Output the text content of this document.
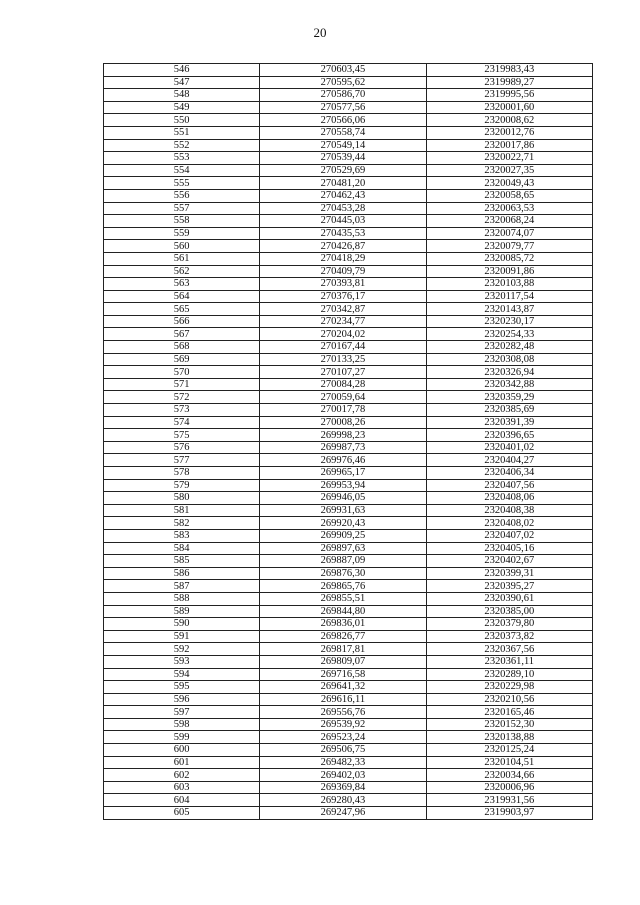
20
546	270603,45	2319983,43
547	270595,62	2319989,27
548	270586,70	2319995,56
549	270577,56	2320001,60
550	270566,06	2320008,62
551	270558,74	2320012,76
552	270549,14	2320017,86
553	270539,44	2320022,71
554	270529,69	2320027,35
555	270481,20	2320049,43
556	270462,43	2320058,65
557	270453,28	2320063,53
558	270445,03	2320068,24
559	270435,53	2320074,07
560	270426,87	2320079,77
561	270418,29	2320085,72
562	270409,79	2320091,86
563	270393,81	2320103,88
564	270376,17	2320117,54
565	270342,87	2320143,87
566	270234,77	2320230,17
567	270204,02	2320254,33
568	270167,44	2320282,48
569	270133,25	2320308,08
570	270107,27	2320326,94
571	270084,28	2320342,88
572	270059,64	2320359,29
573	270017,78	2320385,69
574	270008,26	2320391,39
575	269998,23	2320396,65
576	269987,73	2320401,02
577	269976,46	2320404,27
578	269965,17	2320406,34
579	269953,94	2320407,56
580	269946,05	2320408,06
581	269931,63	2320408,38
582	269920,43	2320408,02
583	269909,25	2320407,02
584	269897,63	2320405,16
585	269887,09	2320402,67
586	269876,30	2320399,31
587	269865,76	2320395,27
588	269855,51	2320390,61
589	269844,80	2320385,00
590	269836,01	2320379,80
591	269826,77	2320373,82
592	269817,81	2320367,56
593	269809,07	2320361,11
594	269716,58	2320289,10
595	269641,32	2320229,98
596	269616,11	2320210,56
597	269556,76	2320165,46
598	269539,92	2320152,30
599	269523,24	2320138,88
600	269506,75	2320125,24
601	269482,33	2320104,51
602	269402,03	2320034,66
603	269369,84	2320006,96
604	269280,43	2319931,56
605	269247,96	2319903,97
